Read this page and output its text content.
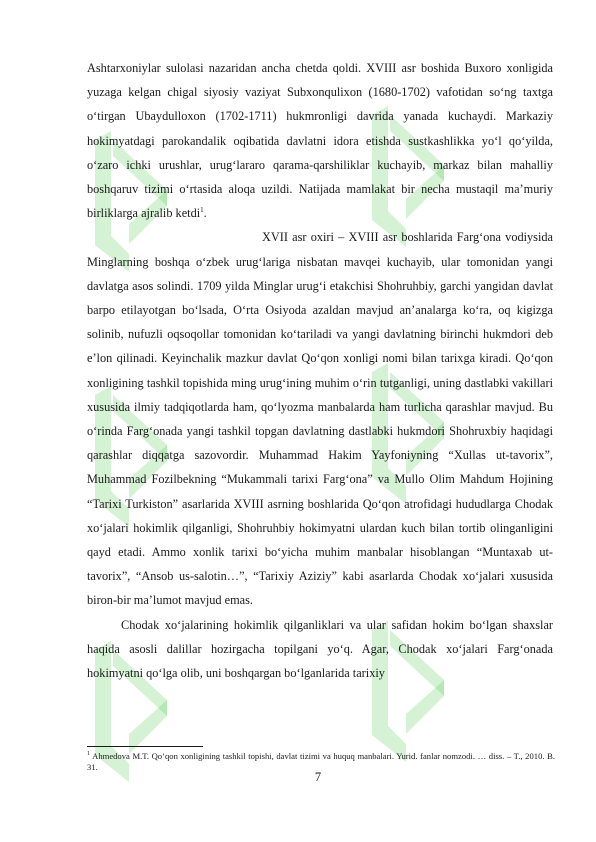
Ashtarxoniylar sulolasi nazaridan ancha chetda qoldi. XVIII asr boshida Buxoro xonligida yuzaga kelgan chigal siyosiy vaziyat Subxonqulixon (1680-1702) vafotidan so‘ng taxtga o‘tirgan Ubaydulloxon (1702-1711) hukmronligi davrida yanada kuchaydi. Markaziy hokimyatdagi parokandalik oqibatida davlatni idora etishda sustkashlikka yo‘l qo‘yilda, o‘zaro ichki urushlar, urug‘lararo qarama-qarshiliklar kuchayib, markaz bilan mahalliy boshqaruv tizimi o‘rtasida aloqa uzildi. Natijada mamlakat bir necha mustaqil ma’muriy birliklarga ajralib ketdi$^1$.

XVII asr oxiri – XVIII asr boshlarida Farg‘ona vodiysida Minglarning boshqa o‘zbek urug‘lariga nisbatan mavqei kuchayib, ular tomonidan yangi davlatga asos solindi. 1709 yilda Minglar urug‘i etakchisi Shohruhbiy, garchi yangidan davlat barpo etilayotgan bo‘lsada, O‘rta Osiyoda azaldan mavjud an’analarga ko‘ra, oq kigizga solinib, nufuzli oqsoqollar tomonidan ko‘tariladi va yangi davlatning birinchi hukmdori deb e’lon qilinadi. Keyinchalik mazkur davlat Qo‘qon xonligi nomi bilan tarixga kiradi. Qo‘qon xonligining tashkil topishida ming urug‘ining muhim o‘rin tutganligi, uning dastlabki vakillari xususida ilmiy tadqiqotlarda ham, qo‘lyozma manbalarda ham turlicha qarashlar mavjud. Bu o‘rinda Farg‘onada yangi tashkil topgan davlatning dastlabki hukmdori Shohruxbiy haqidagi qarashlar diqqatga sazovordir. Muhammad Hakim Yayfoniyning “Xullas ut-tavorix”, Muhammad Fozilbekning “Mukammali tarixi Farg‘ona” va Mullo Olim Mahdum Hojining “Tarixi Turkiston” asarlarida XVIII asrning boshlarida Qo‘qon atrofidagi hududlarga Chodak xo‘jalari hokimlik qilganligi, Shohruhbiy hokimyatni ulardan kuch bilan tortib olinganligini qayd etadi. Ammo xonlik tarixi bo‘yicha muhim manbalar hisoblangan “Muntaxab ut-tavorix”, “Ansob us-salotin…”, “Tarixiy Aziziy” kabi asarlarda Chodak xo‘jalari xususida biron-bir ma’lumot mavjud emas.

Chodak xo‘jalarining hokimlik qilganliklari va ular safidan hokim bo‘lgan shaxslar haqida asosli dalillar hozirgacha topilgani yo‘q. Agar, Chodak xo‘jalari Farg‘onada hokimyatni qo‘lga olib, uni boshqargan bo‘lganlarida tarixiy

$^1$ Ahmedova M.T. Qo’qon xonligining tashkil topishi, davlat tizimi va huquq manbalari. Yurid. fanlar nomzodi. … diss. – T., 2010. B. 31.
7
